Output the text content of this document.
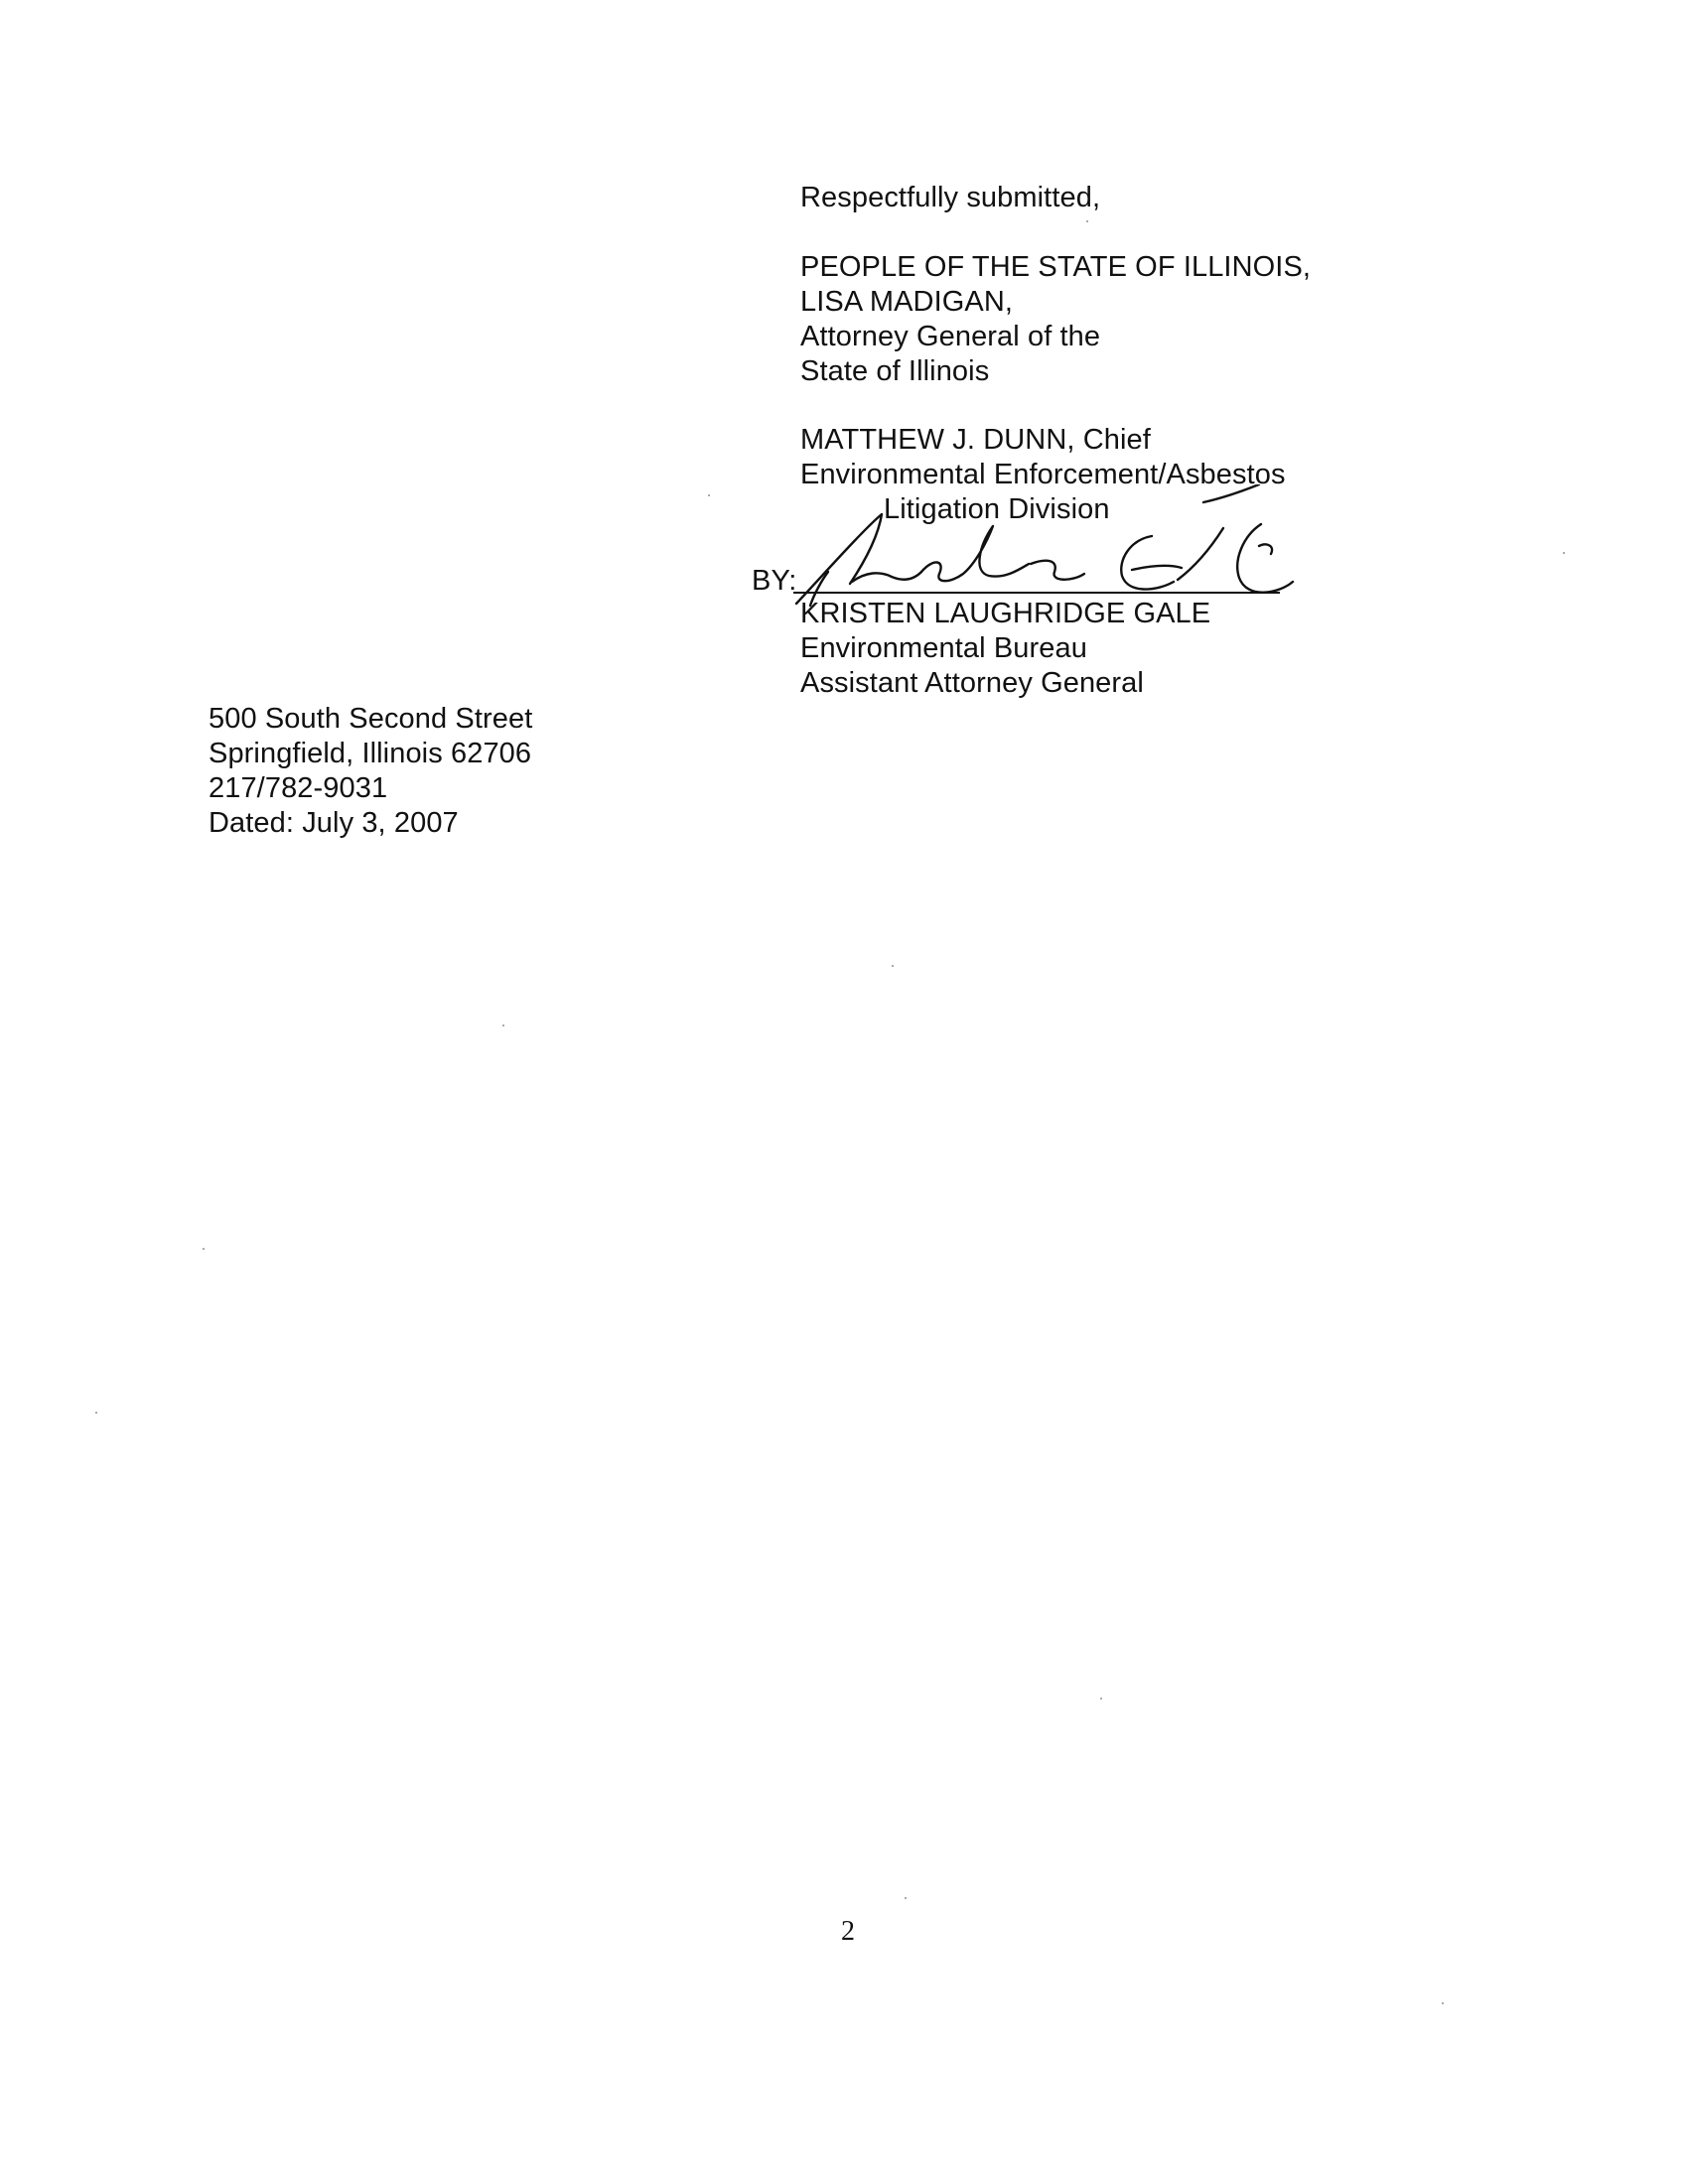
Respectfully submitted,
PEOPLE OF THE STATE OF ILLINOIS,
LISA MADIGAN,
Attorney General of the
State of Illinois
MATTHEW J. DUNN, Chief
Environmental Enforcement/Asbestos
Litigation Division
BY:
KRISTEN LAUGHRIDGE GALE
Environmental Bureau
Assistant Attorney General
500 South Second Street
Springfield, Illinois 62706
217/782-9031
Dated: July 3, 2007
2
